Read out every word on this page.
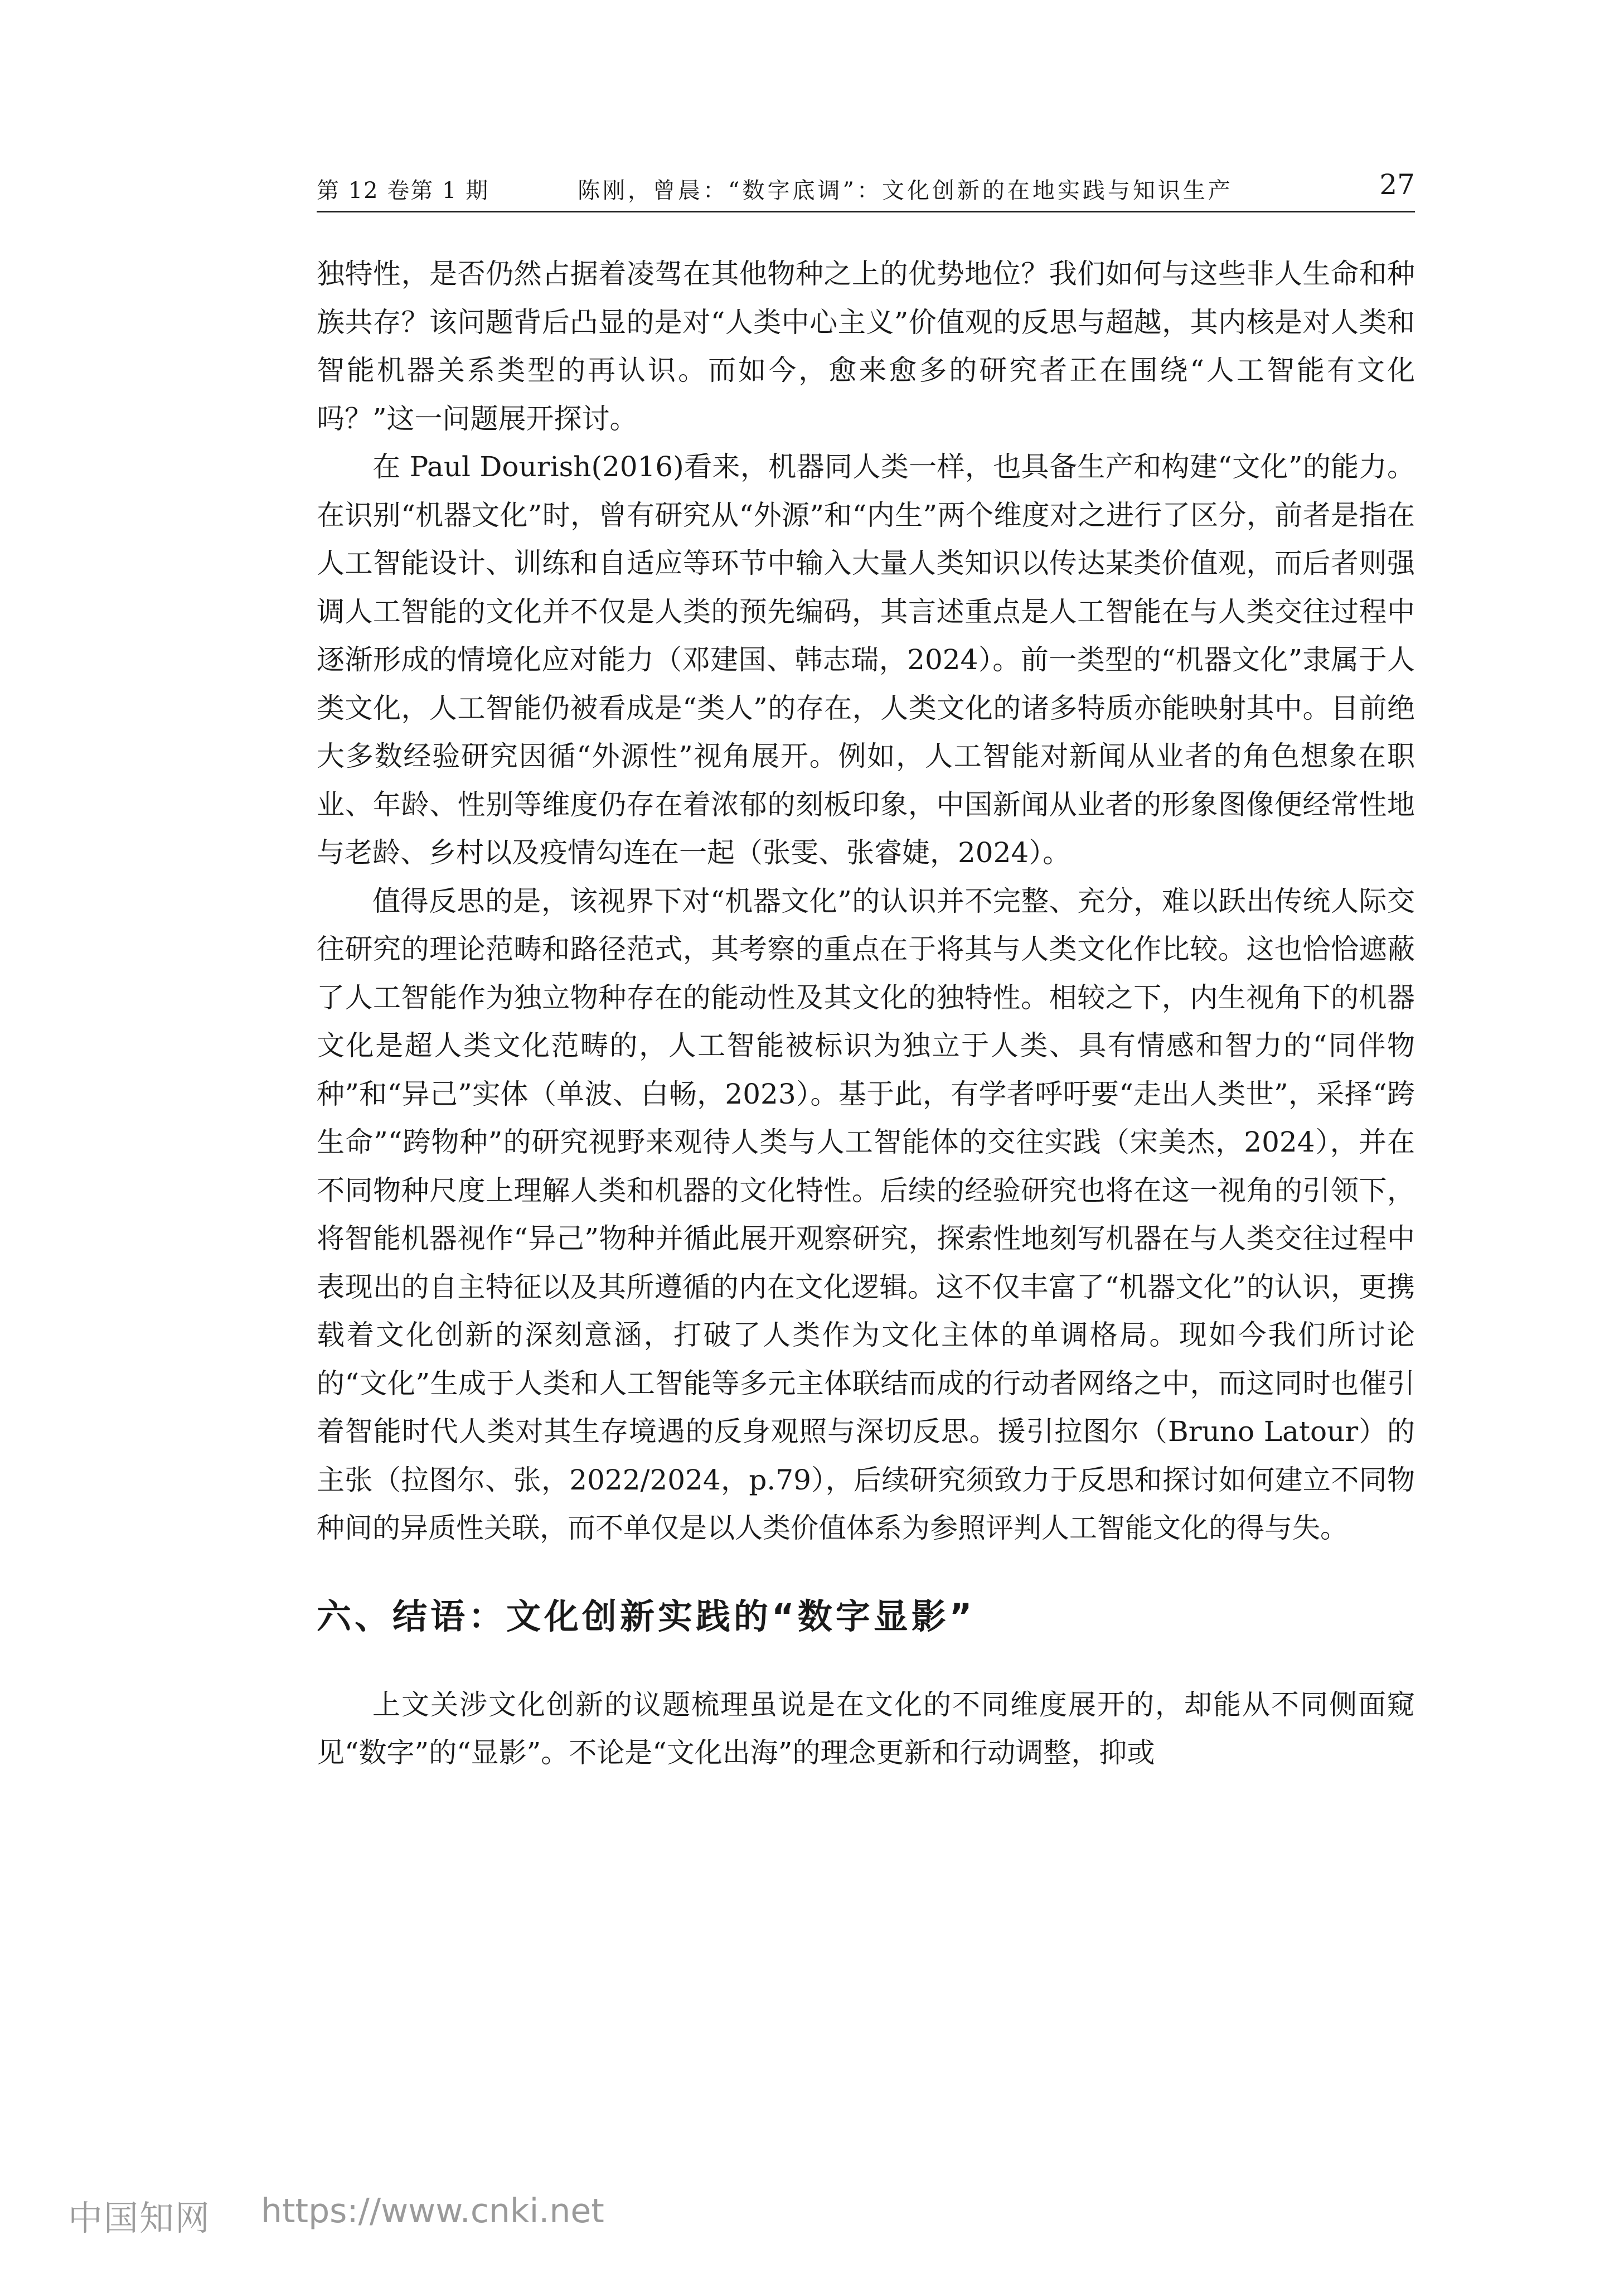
第 12 卷第 1 期	陈刚，曾晨：“数字底调”：文化创新的在地实践与知识生产	27

独特性，是否仍然占据着凌驾在其他物种之上的优势地位？我们如何与这些非人生命和种族共存？该问题背后凸显的是对“人类中心主义”价值观的反思与超越，其内核是对人类和智能机器关系类型的再认识。而如今，愈来愈多的研究者正在围绕“人工智能有文化吗？”这一问题展开探讨。

在 Paul Dourish(2016)看来，机器同人类一样，也具备生产和构建“文化”的能力。在识别“机器文化”时，曾有研究从“外源”和“内生”两个维度对之进行了区分，前者是指在人工智能设计、训练和自适应等环节中输入大量人类知识以传达某类价值观，而后者则强调人工智能的文化并不仅是人类的预先编码，其言述重点是人工智能在与人类交往过程中逐渐形成的情境化应对能力（邓建国、韩志瑞，2024）。前一类型的“机器文化”隶属于人类文化，人工智能仍被看成是“类人”的存在，人类文化的诸多特质亦能映射其中。目前绝大多数经验研究因循“外源性”视角展开。例如，人工智能对新闻从业者的角色想象在职业、年龄、性别等维度仍存在着浓郁的刻板印象，中国新闻从业者的形象图像便经常性地与老龄、乡村以及疫情勾连在一起（张雯、张睿婕，2024）。

值得反思的是，该视界下对“机器文化”的认识并不完整、充分，难以跃出传统人际交往研究的理论范畴和路径范式，其考察的重点在于将其与人类文化作比较。这也恰恰遮蔽了人工智能作为独立物种存在的能动性及其文化的独特性。相较之下，内生视角下的机器文化是超人类文化范畴的，人工智能被标识为独立于人类、具有情感和智力的“同伴物种”和“异己”实体（单波、白畅，2023）。基于此，有学者呼吁要“走出人类世”，采择“跨生命”“跨物种”的研究视野来观待人类与人工智能体的交往实践（宋美杰，2024），并在不同物种尺度上理解人类和机器的文化特性。后续的经验研究也将在这一视角的引领下，将智能机器视作“异己”物种并循此展开观察研究，探索性地刻写机器在与人类交往过程中表现出的自主特征以及其所遵循的内在文化逻辑。这不仅丰富了“机器文化”的认识，更携载着文化创新的深刻意涵，打破了人类作为文化主体的单调格局。现如今我们所讨论的“文化”生成于人类和人工智能等多元主体联结而成的行动者网络之中，而这同时也催引着智能时代人类对其生存境遇的反身观照与深切反思。援引拉图尔（Bruno Latour）的主张（拉图尔、张，2022/2024，p.79），后续研究须致力于反思和探讨如何建立不同物种间的异质性关联，而不单仅是以人类价值体系为参照评判人工智能文化的得与失。

六、结语：文化创新实践的“数字显影”

上文关涉文化创新的议题梳理虽说是在文化的不同维度展开的，却能从不同侧面窥见“数字”的“显影”。不论是“文化出海”的理念更新和行动调整，抑或

中国知网 https://www.cnki.net
